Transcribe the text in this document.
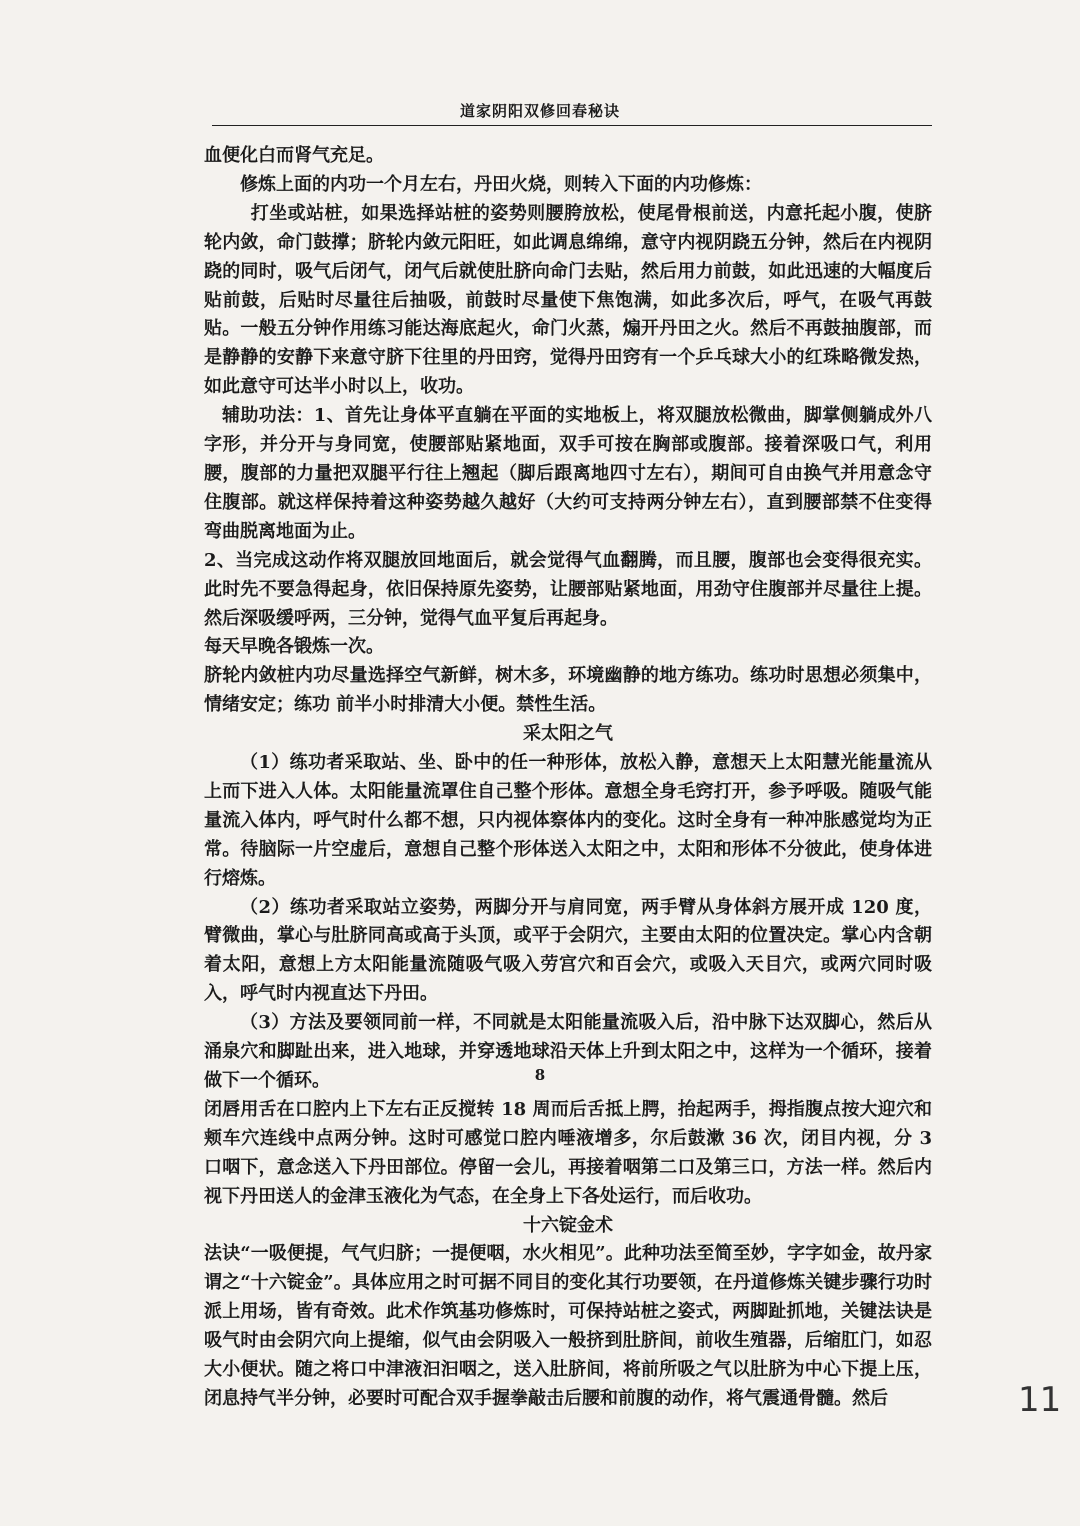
道家阴阳双修回春秘诀

血便化白而肾气充足。

修炼上面的内功一个月左右，丹田火烧，则转入下面的内功修炼：

打坐或站桩，如果选择站桩的姿势则腰胯放松，使尾骨根前送，内意托起小腹，使脐轮内敛，命门鼓撑；脐轮内敛元阳旺，如此调息绵绵，意守内视阴跷五分钟，然后在内视阴跷的同时，吸气后闭气，闭气后就使肚脐向命门去贴，然后用力前鼓，如此迅速的大幅度后贴前鼓，后贴时尽量往后抽吸，前鼓时尽量使下焦饱满，如此多次后，呼气，在吸气再鼓贴。一般五分钟作用练习能达海底起火，命门火蒸，煽开丹田之火。然后不再鼓抽腹部，而是静静的安静下来意守脐下往里的丹田窍，觉得丹田窍有一个乒乓球大小的红珠略微发热，如此意守可达半小时以上，收功。

辅助功法：1、首先让身体平直躺在平面的实地板上，将双腿放松微曲，脚掌侧躺成外八字形，并分开与身同宽，使腰部贴紧地面，双手可按在胸部或腹部。接着深吸口气，利用腰，腹部的力量把双腿平行往上翘起（脚后跟离地四寸左右），期间可自由换气并用意念守住腹部。就这样保持着这种姿势越久越好（大约可支持两分钟左右），直到腰部禁不住变得弯曲脱离地面为止。

2、当完成这动作将双腿放回地面后，就会觉得气血翻腾，而且腰，腹部也会变得很充实。此时先不要急得起身，依旧保持原先姿势，让腰部贴紧地面，用劲守住腹部并尽量往上提。然后深吸缓呼两，三分钟，觉得气血平复后再起身。

每天早晚各锻炼一次。

脐轮内敛桩内功尽量选择空气新鲜，树木多，环境幽静的地方练功。练功时思想必须集中，情绪安定；练功 前半小时排清大小便。禁性生活。

采太阳之气

（1）练功者采取站、坐、卧中的任一种形体，放松入静，意想天上太阳慧光能量流从上而下进入人体。太阳能量流罩住自己整个形体。意想全身毛窍打开，参予呼吸。随吸气能量流入体内，呼气时什么都不想，只内视体察体内的变化。这时全身有一种冲胀感觉均为正常。待脑际一片空虚后，意想自己整个形体送入太阳之中，太阳和形体不分彼此，使身体进行熔炼。

（2）练功者采取站立姿势，两脚分开与肩同宽，两手臂从身体斜方展开成 120 度，臂微曲，掌心与肚脐同高或高于头顶，或平于会阴穴，主要由太阳的位置决定。掌心内含朝着太阳，意想上方太阳能量流随吸气吸入劳宫穴和百会穴，或吸入天目穴，或两穴同时吸入，呼气时内视直达下丹田。

（3）方法及要领同前一样，不同就是太阳能量流吸入后，沿中脉下达双脚心，然后从涌泉穴和脚趾出来，进入地球，并穿透地球沿天体上升到太阳之中，这样为一个循环，接着做下一个循环。

闭唇用舌在口腔内上下左右正反搅转 18 周而后舌抵上腭，抬起两手，拇指腹点按大迎穴和颊车穴连线中点两分钟。这时可感觉口腔内唾液增多，尔后鼓漱 36 次，闭目内视，分 3 口咽下，意念送入下丹田部位。停留一会儿，再接着咽第二口及第三口，方法一样。然后内视下丹田送人的金津玉液化为气态，在全身上下各处运行，而后收功。

十六锭金术

法诀“一吸便提，气气归脐；一提便咽，水火相见”。此种功法至简至妙，字字如金，故丹家谓之“十六锭金”。具体应用之时可据不同目的变化其行功要领，在丹道修炼关键步骤行功时派上用场，皆有奇效。此术作筑基功修炼时，可保持站桩之姿式，两脚趾抓地，关键法诀是吸气时由会阴穴向上提缩，似气由会阴吸入一般挤到肚脐间，前收生殖器，后缩肛门，如忍大小便状。随之将口中津液汩汩咽之，送入肚脐间，将前所吸之气以肚脐为中心下提上压，闭息持气半分钟，必要时可配合双手握拳敲击后腰和前腹的动作，将气震通骨髓。然后

8
11
